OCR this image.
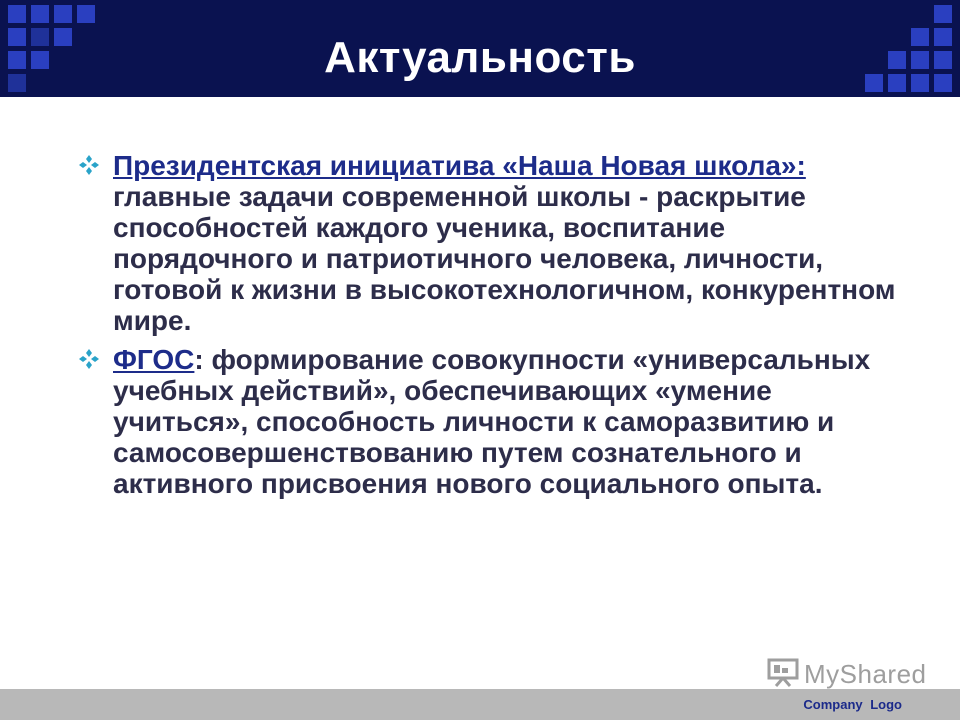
Актуальность
Президентская инициатива «Наша Новая школа»: главные задачи современной школы - раскрытие способностей каждого ученика, воспитание порядочного и патриотичного человека, личности, готовой к жизни в высокотехнологичном, конкурентном мире.
ФГОС: формирование совокупности «универсальных учебных действий», обеспечивающих «умение учиться», способность личности к саморазвитию и самосовершенствованию путем сознательного и активного присвоения нового социального опыта.
MyShared
Company Logo
